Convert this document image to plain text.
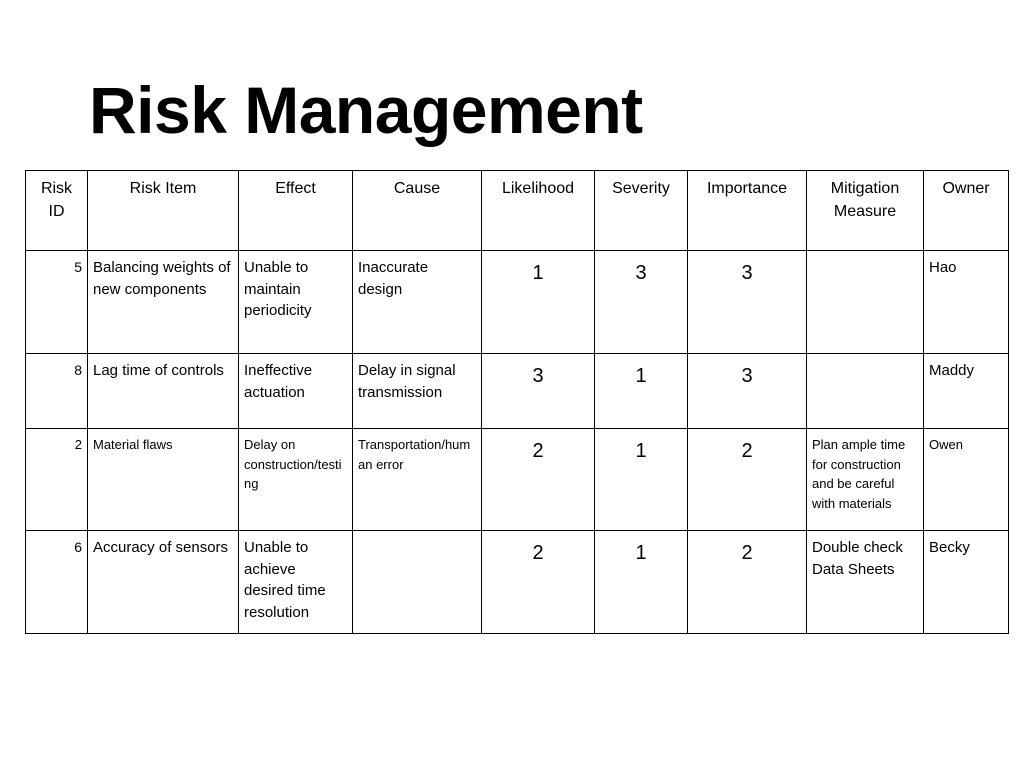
Risk Management
Risk ID	Risk Item	Effect	Cause	Likelihood	Severity	Importance	Mitigation Measure	Owner
5	Balancing weights of new components	Unable to maintain periodicity	Inaccurate design	1	3	3		Hao
8	Lag time of controls	Ineffective actuation	Delay in signal transmission	3	1	3		Maddy
2	Material flaws	Delay on construction/testing	Transportation/human error	2	1	2	Plan ample time for construction and be careful with materials	Owen
6	Accuracy of sensors	Unable to achieve desired time resolution		2	1	2	Double check Data Sheets	Becky
